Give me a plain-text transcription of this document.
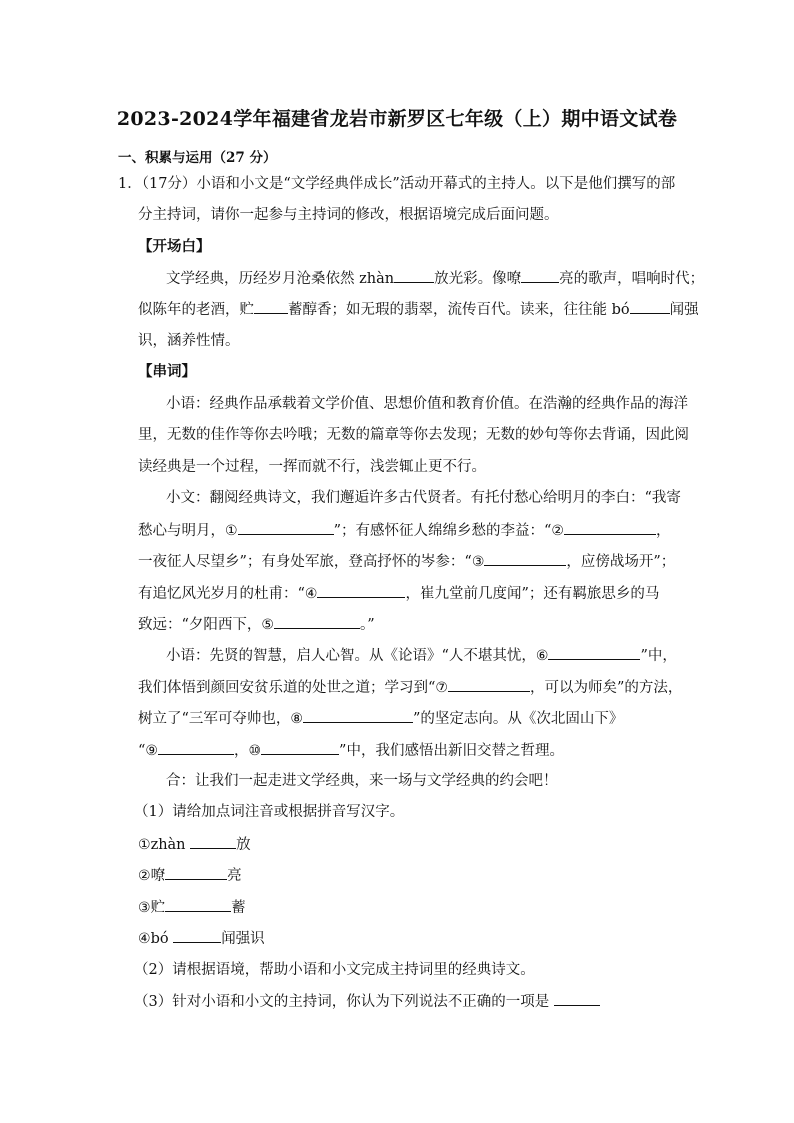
2023-2024学年福建省龙岩市新罗区七年级（上）期中语文试卷
一、积累与运用（27 分）
1．（17分）小语和小文是“文学经典伴成长”活动开幕式的主持人。以下是他们撰写的部
分主持词，请你一起参与主持词的修改，根据语境完成后面问题。
【开场白】
文学经典，历经岁月沧桑依然 zhàn	放光彩。像嘹	亮的歌声，唱响时代；
似陈年的老酒，贮 蓄醇香；如无瑕的翡翠，流传百代。读来，往往能 bó	闻强
识，涵养性情。
【串词】
小语：经典作品承载着文学价值、思想价值和教育价值。在浩瀚的经典作品的海洋
里，无数的佳作等你去吟哦；无数的篇章等你去发现；无数的妙句等你去背诵，因此阅
读经典是一个过程，一挥而就不行，浅尝辄止更不行。
小文：翻阅经典诗文，我们邂逅许多古代贤者。有托付愁心给明月的李白：“我寄
愁心与明月，①	”；有感怀征人绵绵乡愁的李益：“②	，
一夜征人尽望乡”；有身处军旅，登高抒怀的岑参：“③	，应傍战场开”；
有追忆风光岁月的杜甫：“④	，崔九堂前几度闻”；还有羁旅思乡的马
致远：“夕阳西下，⑤	。”
小语：先贤的智慧，启人心智。从《论语》“人不堪其忧，⑥	”中，
我们体悟到颜回安贫乐道的处世之道；学习到“⑦	，可以为师矣”的方法，
树立了“三军可夺帅也，⑧	”的坚定志向。从《次北固山下》
“⑨	，⑩	”中，我们感悟出新旧交替之哲理。
合：让我们一起走进文学经典，来一场与文学经典的约会吧！
（1）请给加点词注音或根据拼音写汉字。
①zhàn	放
②嘹	亮
③贮	蓄
④bó	闻强识
（2）请根据语境，帮助小语和小文完成主持词里的经典诗文。
（3）针对小语和小文的主持词，你认为下列说法不正确的一项是
